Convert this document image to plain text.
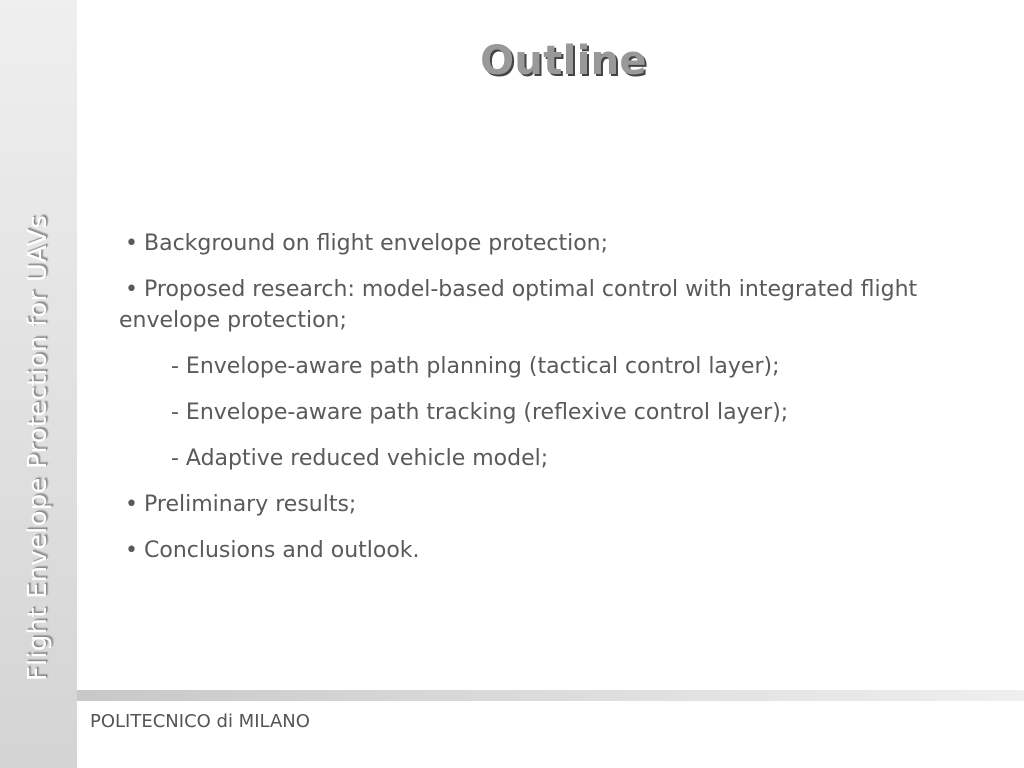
Flight Envelope Protection for UAVs
Outline
• Background on flight envelope protection;
• Proposed research: model-based optimal control with integrated flight envelope protection;
- Envelope-aware path planning (tactical control layer);
- Envelope-aware path tracking (reflexive control layer);
- Adaptive reduced vehicle model;
• Preliminary results;
• Conclusions and outlook.
POLITECNICO di MILANO
